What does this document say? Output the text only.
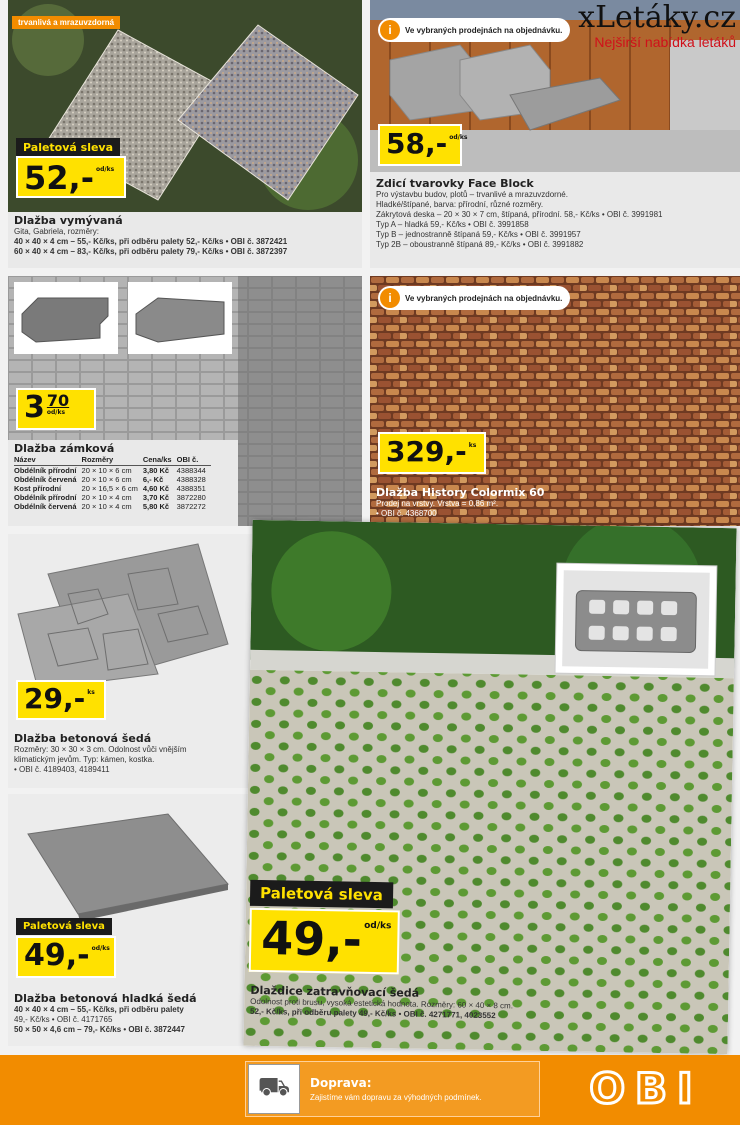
xLetáky.cz
Nejširší nabídka letáků
trvanlivá a mrazuvzdorná
Paletová sleva
52,- od/ks
Dlažba vymývaná
Gita, Gabriela, rozměry:
40 × 40 × 4 cm – 55,- Kč/ks, při odběru palety 52,- Kč/ks • OBI č. 3872421
60 × 40 × 4 cm – 83,- Kč/ks, při odběru palety 79,- Kč/ks • OBI č. 3872397
i	Ve vybraných prodejnách na objednávku.
58,- od/ks
Zdicí tvarovky Face Block
Pro výstavbu budov, plotů – trvanlivé a mrazuvzdorné.
Hladké/štípané, barva: přírodní, různé rozměry.
Zákrytová deska – 20 × 30 × 7 cm, štípaná, přírodní. 58,- Kč/ks • OBI č. 3991981
Typ A – hladká 59,- Kč/ks • OBI č. 3991858
Typ B – jednostranně štípaná 59,- Kč/ks • OBI č. 3991957
Typ 2B – oboustranně štípaná 89,- Kč/ks • OBI č. 3991882
3 70
od/ks
Dlažba zámková
Název	Rozměry	Cena/ks	OBI č.
Obdélník přírodní	20 × 10 × 6 cm	3,80 Kč	4388344
Obdélník červená	20 × 10 × 6 cm	6,- Kč	4388328
Kost přírodní	20 × 16,5 × 6 cm	4,60 Kč	4388351
Obdélník přírodní	20 × 10 × 4 cm	3,70 Kč	3872280
Obdélník červená	20 × 10 × 4 cm	5,80 Kč	3872272
i	Ve vybraných prodejnách na objednávku.
329,- ks
Dlažba History Colormix 60
Prodej na vrstvy. Vrstva = 0,86 m².
• OBI č. 4368700
29,- ks
Dlažba betonová šedá
Rozměry: 30 × 30 × 3 cm. Odolnost vůči vnějším
klimatickým jevům. Typ: kámen, kostka.
• OBI č. 4189403, 4189411
Paletová sleva
49,- od/ks
Dlažba betonová hladká šedá
40 × 40 × 4 cm – 55,- Kč/ks, při odběru palety
49,- Kč/ks • OBI č. 4171765
50 × 50 × 4,6 cm – 79,- Kč/ks • OBI č. 3872447
Paletová sleva
49,- od/ks
Dlaždice zatravňovací šedá
Odolnost proti brusu, vysoká estetická hodnota. Rozměry: 60 × 40 × 8 cm.
52,- Kč/ks, při odběru palety 49,- Kč/ks • OBI č. 4271771, 4023552
⛟	Doprava:
Zajistíme vám dopravu za výhodných podmínek.	OBI
